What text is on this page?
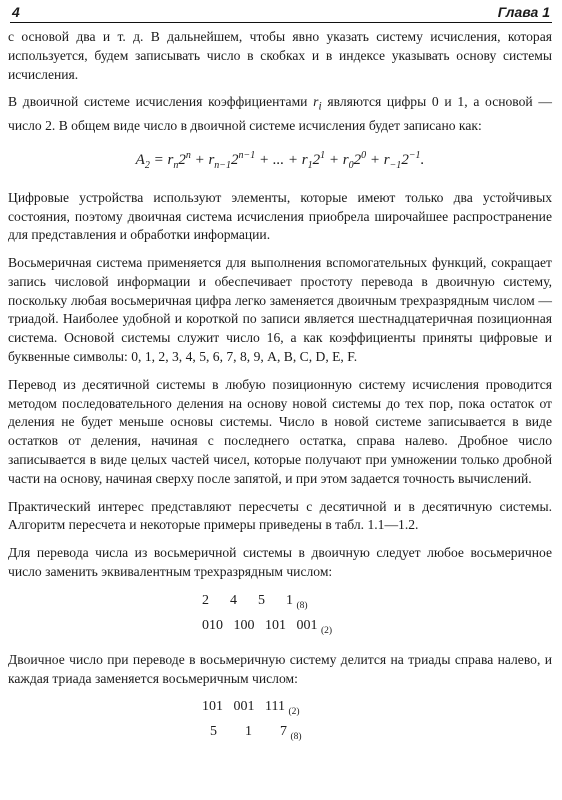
4	Глава 1

с основой два и т. д. В дальнейшем, чтобы явно указать систему исчисления, которая используется, будем записывать число в скобках и в индексе указывать основу системы исчисления.

В двоичной системе исчисления коэффициентами $r_i$ являются цифры 0 и 1, а основой — число 2. В общем виде число в двоичной системе исчисления будет записано как:

$A_2 = r_n2^n + r_{n-1}2^{n-1}$ + ... + $r_12^1 + r_02^0 + r_{-1}2^{-1}$.

Цифровые устройства используют элементы, которые имеют только два устойчивых состояния, поэтому двоичная система исчисления приобрела широчайшее распространение для представления и обработки информации.

Восьмеричная система применяется для выполнения вспомогательных функций, сокращает запись числовой информации и обеспечивает простоту перевода в двоичную систему, поскольку любая восьмеричная цифра легко заменяется двоичным трехразрядным числом — триадой. Наиболее удобной и короткой по записи является шестнадцатеричная позиционная система. Основой системы служит число 16, а как коэффициенты приняты цифровые и буквенные символы: 0, 1, 2, 3, 4, 5, 6, 7, 8, 9, A, B, C, D, E, F.

Перевод из десятичной системы в любую позиционную систему исчисления проводится методом последовательного деления на основу новой системы до тех пор, пока остаток от деления не будет меньше основы системы. Число в новой системе записывается в виде остатков от деления, начиная с последнего остатка, справа налево. Дробное число записывается в виде целых частей чисел, которые получают при умножении только дробной части на основу, начиная сверху после запятой, и при этом задается точность вычислений.

Практический интерес представляют пересчеты с десятичной и в десятичную системы. Алгоритм пересчета и некоторые примеры приведены в табл. 1.1—1.2.

Для перевода числа из восьмеричной системы в двоичную следует любое восьмеричное число заменить эквивалентным трехразрядным числом:

2      4      5      1 $_{(8)}$
010   100   101   001 $_{(2)}$

Двоичное число при переводе в восьмеричную систему делится на триады справа налево, и каждая триада заменяется восьмеричным числом:

101   001   111 $_{(2)}$
5        1        7 $_{(8)}$
